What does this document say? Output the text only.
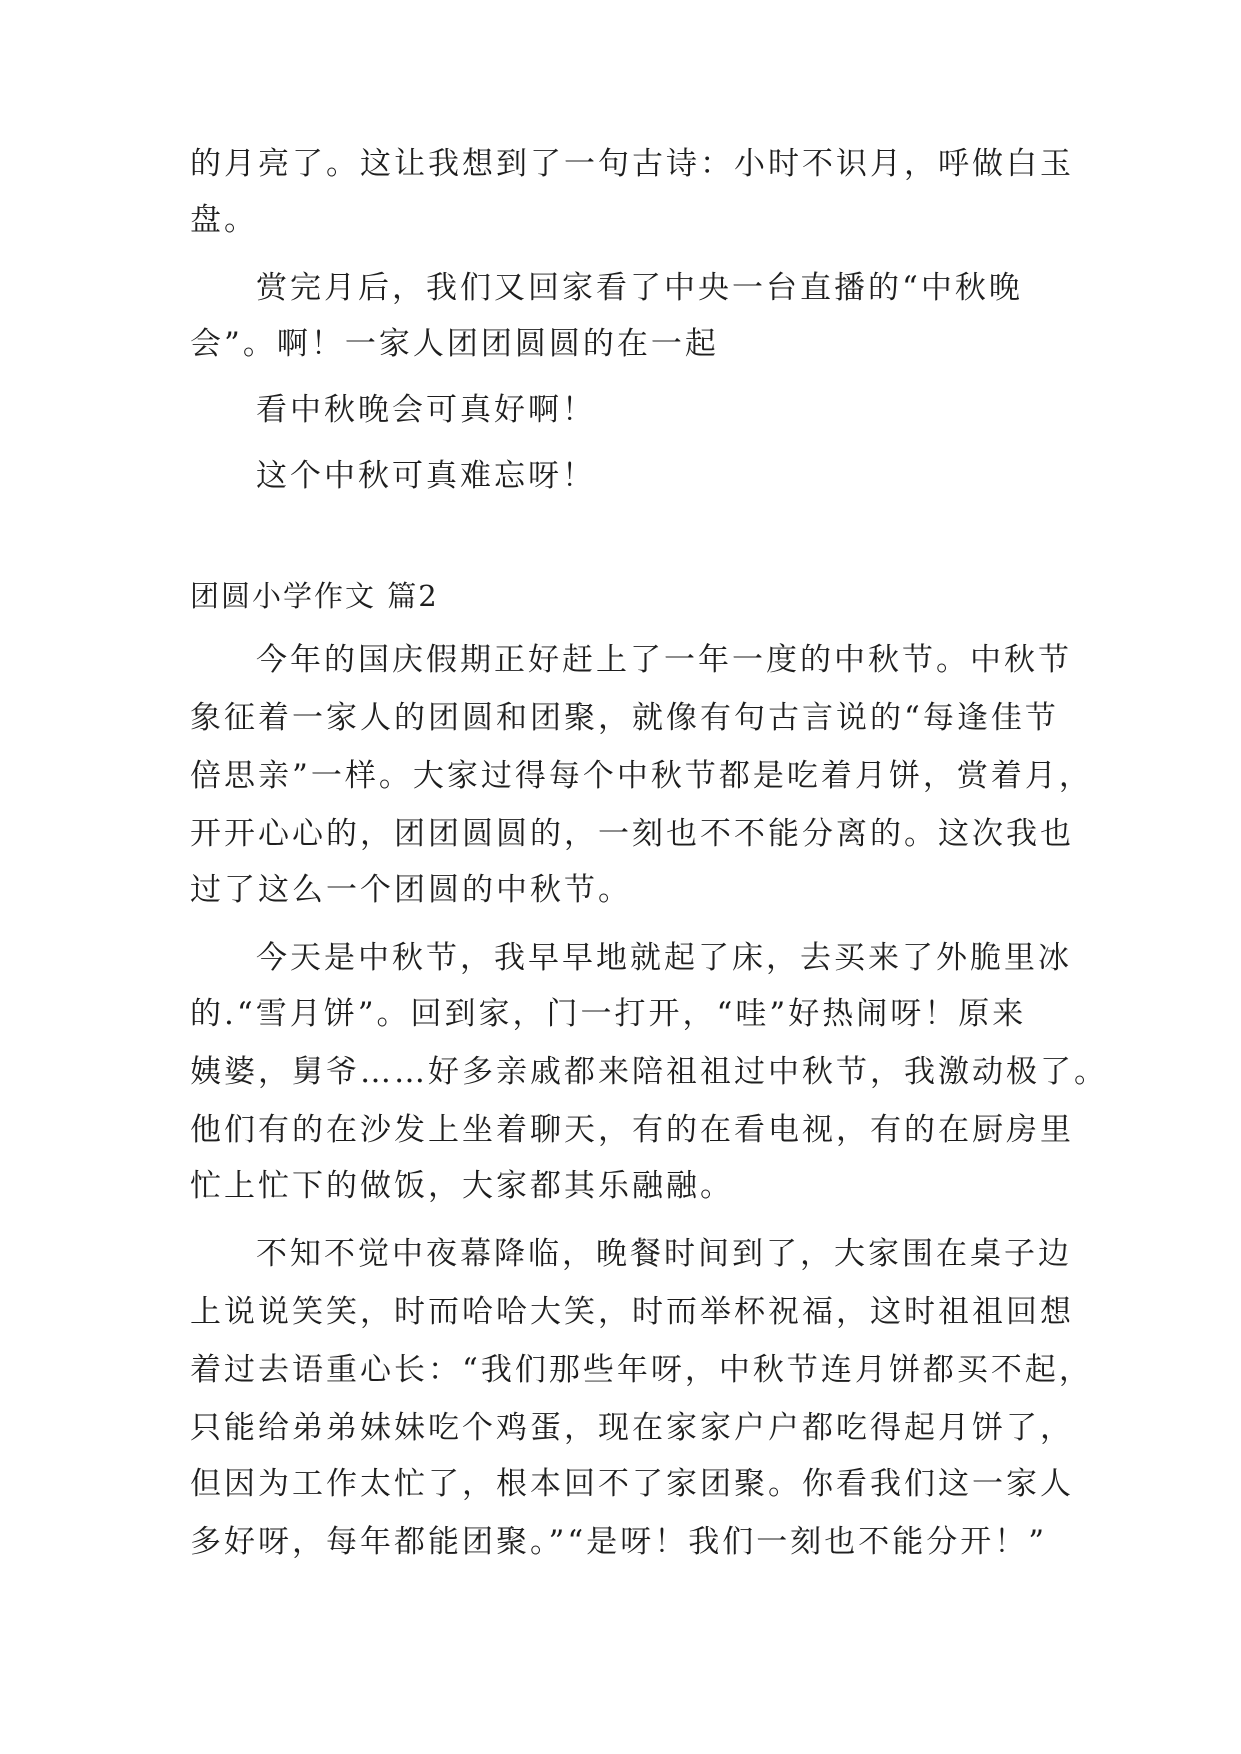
的月亮了。这让我想到了一句古诗：小时不识月，呼做白玉
盘。
赏完月后，我们又回家看了中央一台直播的“中秋晚
会”。啊！一家人团团圆圆的在一起
看中秋晚会可真好啊！
这个中秋可真难忘呀！
团圆小学作文 篇2
今年的国庆假期正好赶上了一年一度的中秋节。中秋节
象征着一家人的团圆和团聚，就像有句古言说的“每逢佳节
倍思亲”一样。大家过得每个中秋节都是吃着月饼，赏着月，
开开心心的，团团圆圆的，一刻也不不能分离的。这次我也
过了这么一个团圆的中秋节。
今天是中秋节，我早早地就起了床，去买来了外脆里冰
的.“雪月饼”。回到家，门一打开，“哇”好热闹呀！原来
姨婆，舅爷……好多亲戚都来陪祖祖过中秋节，我激动极了。
他们有的在沙发上坐着聊天，有的在看电视，有的在厨房里
忙上忙下的做饭，大家都其乐融融。
不知不觉中夜幕降临，晚餐时间到了，大家围在桌子边
上说说笑笑，时而哈哈大笑，时而举杯祝福，这时祖祖回想
着过去语重心长：“我们那些年呀，中秋节连月饼都买不起，
只能给弟弟妹妹吃个鸡蛋，现在家家户户都吃得起月饼了，
但因为工作太忙了，根本回不了家团聚。你看我们这一家人
多好呀，每年都能团聚。”“是呀！我们一刻也不能分开！”
